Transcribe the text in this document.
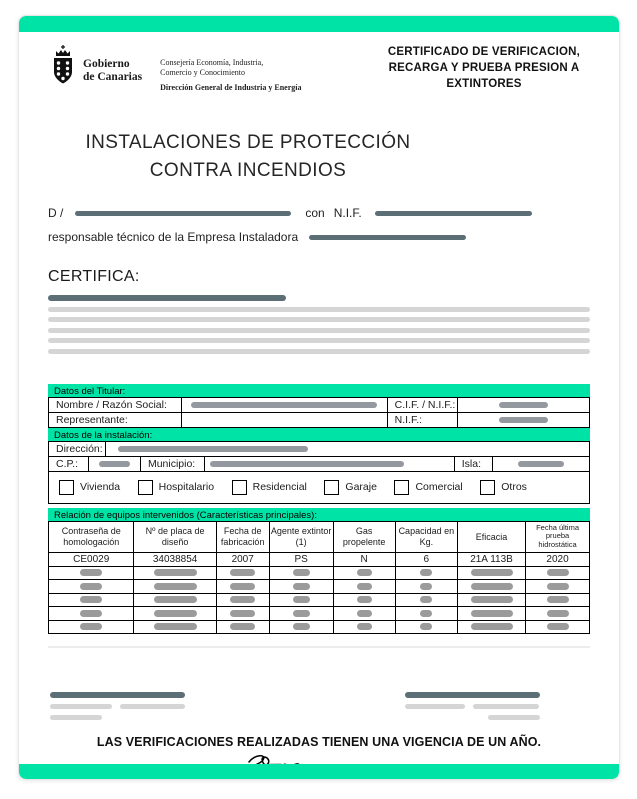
Gobierno
de Canarias
Consejería Economía, Industria,
Comercio y Conocimiento
Dirección General de Industria y Energía
CERTIFICADO DE VERIFICACION, RECARGA Y PRUEBA PRESION A EXTINTORES
INSTALACIONES DE PROTECCIÓN CONTRA INCENDIOS
D /	con N.I.F.
responsable técnico de la Empresa Instaladora
CERTIFICA:
Datos del Titular:
Nombre / Razón Social:		C.I.F. / N.I.F.:	

Representante:		N.I.F.:	
Datos de la instalación:
Dirección:	
C.P.:		Municipio:		Isla:	
Vivienda	Hospitalario	Residencial	Garaje	Comercial	Otros
Relación de equipos intervenidos (Características principales):
Contraseña de homologación	Nº de placa de diseño	Fecha de fabricación	Agente extintor (1)	Gas propelente	Capacidad en Kg.	Eficacia	Fecha última prueba hidrostática
CE0029	34038854	2007	PS	N	6	21A 113B	2020

LAS VERIFICACIONES REALIZADAS TIENEN UNA VIGENCIA DE UN AÑO.
